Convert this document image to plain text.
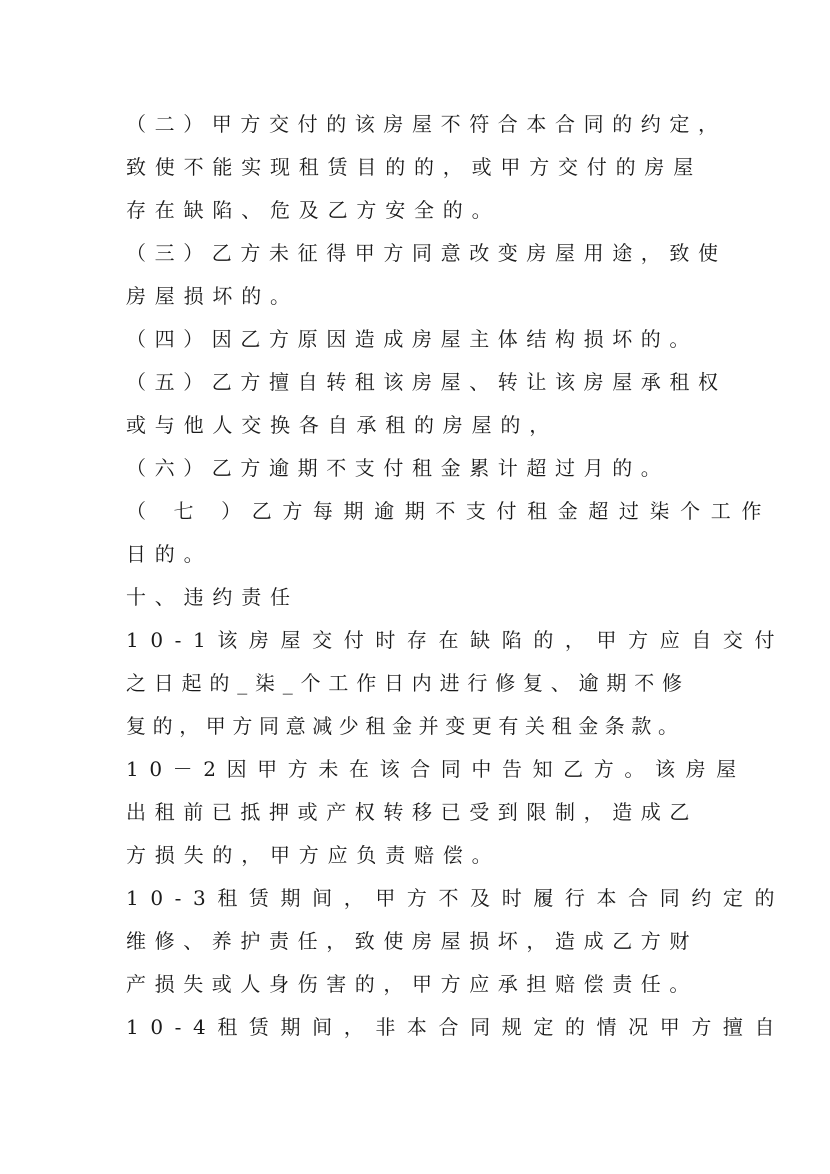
（二）甲方交付的该房屋不符合本合同的约定，

致使不能实现租赁目的的，或甲方交付的房屋

存在缺陷、危及乙方安全的。

（三）乙方未征得甲方同意改变房屋用途，致使

房屋损坏的。

（四）因乙方原因造成房屋主体结构损坏的。

（五）乙方擅自转租该房屋、转让该房屋承租权

或与他人交换各自承租的房屋的，

（六）乙方逾期不支付租金累计超过月的。

（ 七 ）乙方每期逾期不支付租金超过柒个工作

日的。

十、违约责任

10-1该房屋交付时存在缺陷的，甲方应自交付

之日起的_柒_个工作日内进行修复、逾期不修

复的，甲方同意减少租金并变更有关租金条款。

10－2因甲方未在该合同中告知乙方。该房屋

出租前已抵押或产权转移已受到限制，造成乙

方损失的，甲方应负责赔偿。

10-3租赁期间，甲方不及时履行本合同约定的

维修、养护责任，致使房屋损坏，造成乙方财

产损失或人身伤害的，甲方应承担赔偿责任。

10-4租赁期间，非本合同规定的情况甲方擅自
